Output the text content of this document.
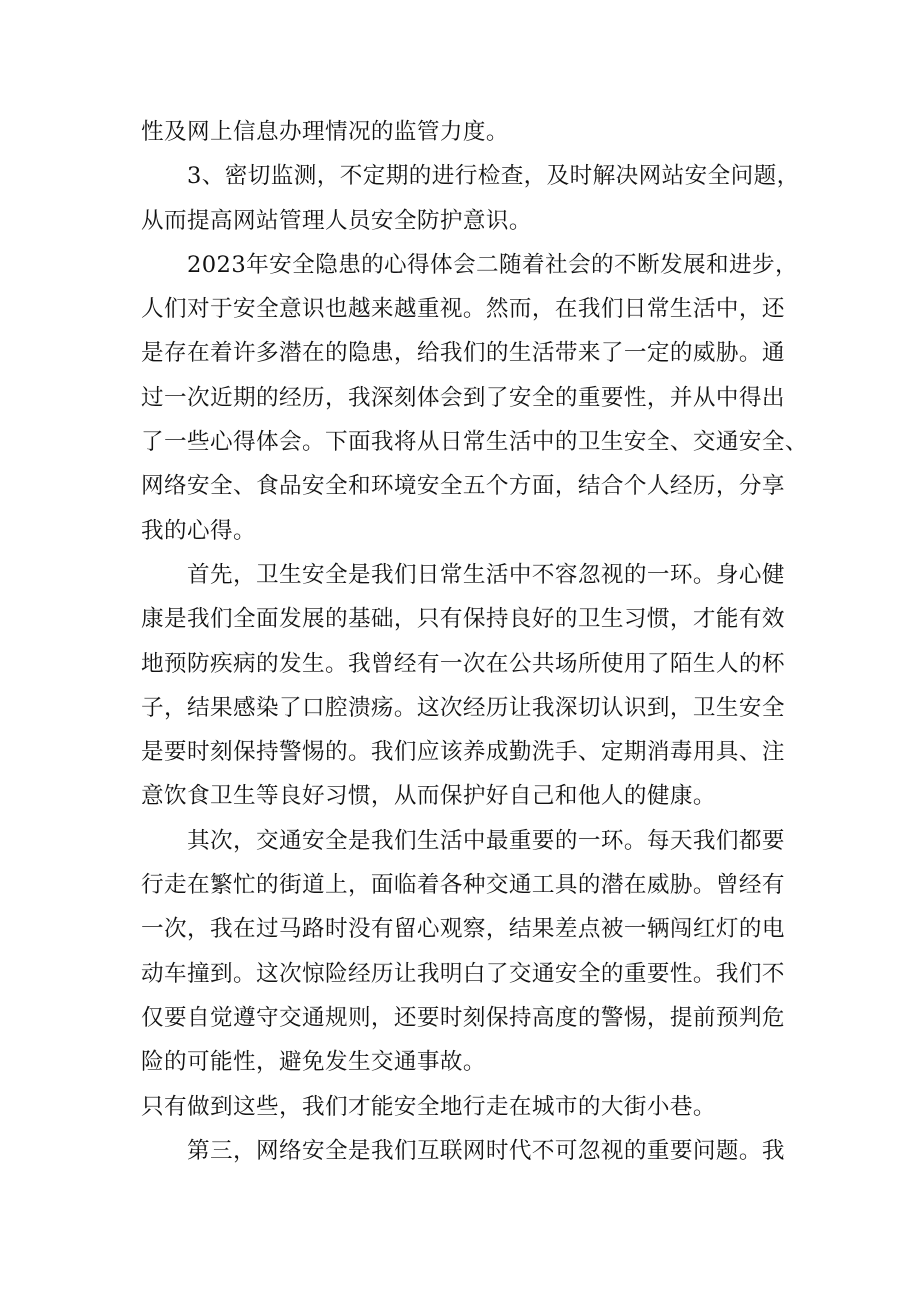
性及网上信息办理情况的监管力度。
3、密切监测，不定期的进行检查，及时解决网站安全问题，
从而提高网站管理人员安全防护意识。
2023年安全隐患的心得体会二随着社会的不断发展和进步，
人们对于安全意识也越来越重视。然而，在我们日常生活中，还
是存在着许多潜在的隐患，给我们的生活带来了一定的威胁。通
过一次近期的经历，我深刻体会到了安全的重要性，并从中得出
了一些心得体会。下面我将从日常生活中的卫生安全、交通安全、
网络安全、食品安全和环境安全五个方面，结合个人经历，分享
我的心得。
首先，卫生安全是我们日常生活中不容忽视的一环。身心健
康是我们全面发展的基础，只有保持良好的卫生习惯，才能有效
地预防疾病的发生。我曾经有一次在公共场所使用了陌生人的杯
子，结果感染了口腔溃疡。这次经历让我深切认识到，卫生安全
是要时刻保持警惕的。我们应该养成勤洗手、定期消毒用具、注
意饮食卫生等良好习惯，从而保护好自己和他人的健康。
其次，交通安全是我们生活中最重要的一环。每天我们都要
行走在繁忙的街道上，面临着各种交通工具的潜在威胁。曾经有
一次，我在过马路时没有留心观察，结果差点被一辆闯红灯的电
动车撞到。这次惊险经历让我明白了交通安全的重要性。我们不
仅要自觉遵守交通规则，还要时刻保持高度的警惕，提前预判危
险的可能性，避免发生交通事故。
只有做到这些，我们才能安全地行走在城市的大街小巷。
第三，网络安全是我们互联网时代不可忽视的重要问题。我
